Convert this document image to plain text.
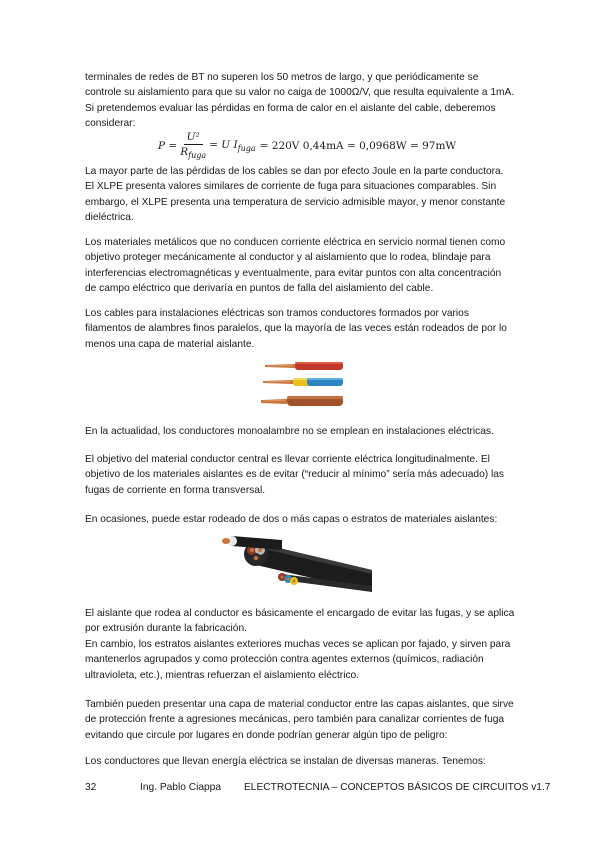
terminales de redes de BT no superen los 50 metros de largo, y que periódicamente se controle su aislamiento para que su valor no caiga de 1000Ω/V, que resulta equivalente a 1mA. Si pretendemos evaluar las pérdidas en forma de calor en el aislante del cable, deberemos considerar:

$P = \frac{\text{U²}}{R_{fuga}} = U$ $I_{fuga} = 220V$ 0,44mA = 0,0968W = 97mW

La mayor parte de las pérdidas de los cables se dan por efecto Joule en la parte conductora. El XLPE presenta valores similares de corriente de fuga para situaciones comparables. Sin embargo, el XLPE presenta una temperatura de servicio admisible mayor, y menor constante dieléctrica.

Los materiales metálicos que no conducen corriente eléctrica en servicio normal tienen como objetivo proteger mecánicamente al conductor y al aislamiento que lo rodea, blindaje para interferencias electromagnéticas y eventualmente, para evitar puntos con alta concentración de campo eléctrico que derivaría en puntos de falla del aislamiento del cable.

Los cables para instalaciones eléctricas son tramos conductores formados por varios filamentos de alambres finos paralelos, que la mayoría de las veces están rodeados de por lo menos una capa de material aislante.

En la actualidad, los conductores monoalambre no se emplean en instalaciones eléctricas.

El objetivo del material conductor central es llevar corriente eléctrica longitudinalmente. El objetivo de los materiales aislantes es de evitar (“reducir al mínimo” sería más adecuado) las fugas de corriente en forma transversal.

En ocasiones, puede estar rodeado de dos o más capas o estratos de materiales aislantes:

El aislante que rodea al conductor es básicamente el encargado de evitar las fugas, y se aplica por extrusión durante la fabricación.

En cambio, los estratos aislantes exteriores muchas veces se aplican por fajado, y sirven para mantenerlos agrupados y como protección contra agentes externos (químicos, radiación ultravioleta, etc.), mientras refuerzan el aislamiento eléctrico.

También pueden presentar una capa de material conductor entre las capas aislantes, que sirve de protección frente a agresiones mecánicas, pero también para canalizar corrientes de fuga evitando que circule por lugares en donde podrían generar algún tipo de peligro:

Los conductores que llevan energía eléctrica se instalan de diversas maneras. Tenemos:

32	Ing. Pablo Ciappa ELECTROTECNIA – CONCEPTOS BÁSICOS DE CIRCUITOS v1.7
